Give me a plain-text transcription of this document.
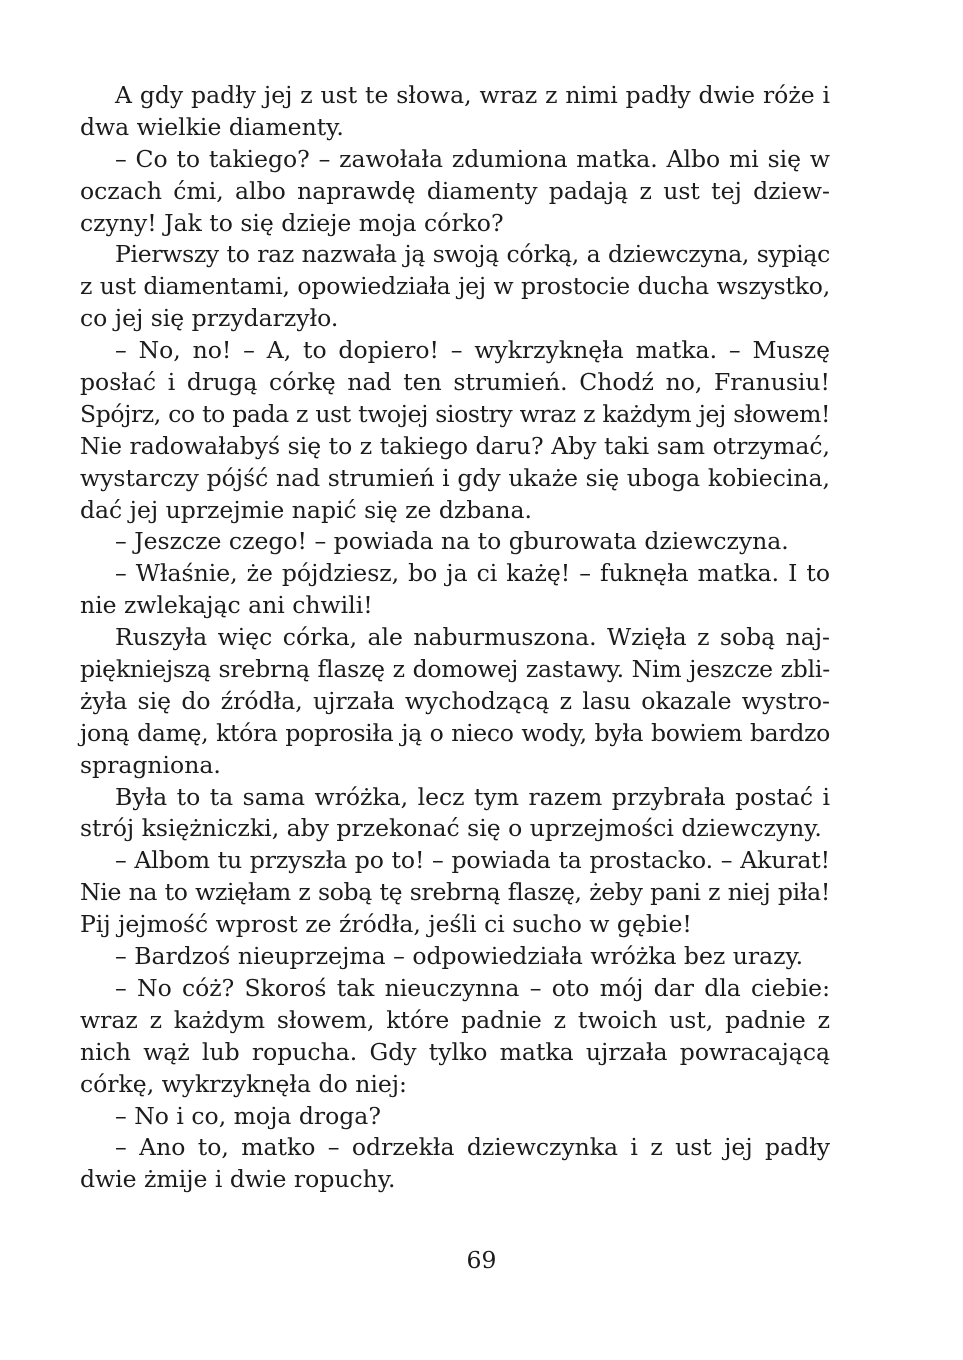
A gdy padły jej z ust te słowa, wraz z nimi padły dwie róże i
dwa wielkie diamenty.
– Co to takiego? – zawołała zdumiona matka. Albo mi się w
oczach ćmi, albo naprawdę diamenty padają z ust tej dziew-
czyny! Jak to się dzieje moja córko?
Pierwszy to raz nazwała ją swoją córką, a dziewczyna, sypiąc
z ust diamentami, opowiedziała jej w prostocie ducha wszystko,
co jej się przydarzyło.
– No, no! – A, to dopiero! – wykrzyknęła matka. – Muszę
posłać i drugą córkę nad ten strumień. Chodź no, Franusiu!
Spójrz, co to pada z ust twojej siostry wraz z każdym jej słowem!
Nie radowałabyś się to z takiego daru? Aby taki sam otrzymać,
wystarczy pójść nad strumień i gdy ukaże się uboga kobiecina,
dać jej uprzejmie napić się ze dzbana.
– Jeszcze czego! – powiada na to gburowata dziewczyna.
– Właśnie, że pójdziesz, bo ja ci każę! – fuknęła matka. I to
nie zwlekając ani chwili!
Ruszyła więc córka, ale naburmuszona. Wzięła z sobą naj-
piękniejszą srebrną flaszę z domowej zastawy. Nim jeszcze zbli-
żyła się do źródła, ujrzała wychodzącą z lasu okazale wystro-
joną damę, która poprosiła ją o nieco wody, była bowiem bardzo
spragniona.
Była to ta sama wróżka, lecz tym razem przybrała postać i
strój księżniczki, aby przekonać się o uprzejmości dziewczyny.
– Albom tu przyszła po to! – powiada ta prostacko. – Akurat!
Nie na to wzięłam z sobą tę srebrną flaszę, żeby pani z niej piła!
Pij jejmość wprost ze źródła, jeśli ci sucho w gębie!
– Bardzoś nieuprzejma – odpowiedziała wróżka bez urazy.
– No cóż? Skoroś tak nieuczynna – oto mój dar dla ciebie:
wraz z każdym słowem, które padnie z twoich ust, padnie z
nich wąż lub ropucha. Gdy tylko matka ujrzała powracającą
córkę, wykrzyknęła do niej:
– No i co, moja droga?
– Ano to, matko – odrzekła dziewczynka i z ust jej padły
dwie żmije i dwie ropuchy.
69
